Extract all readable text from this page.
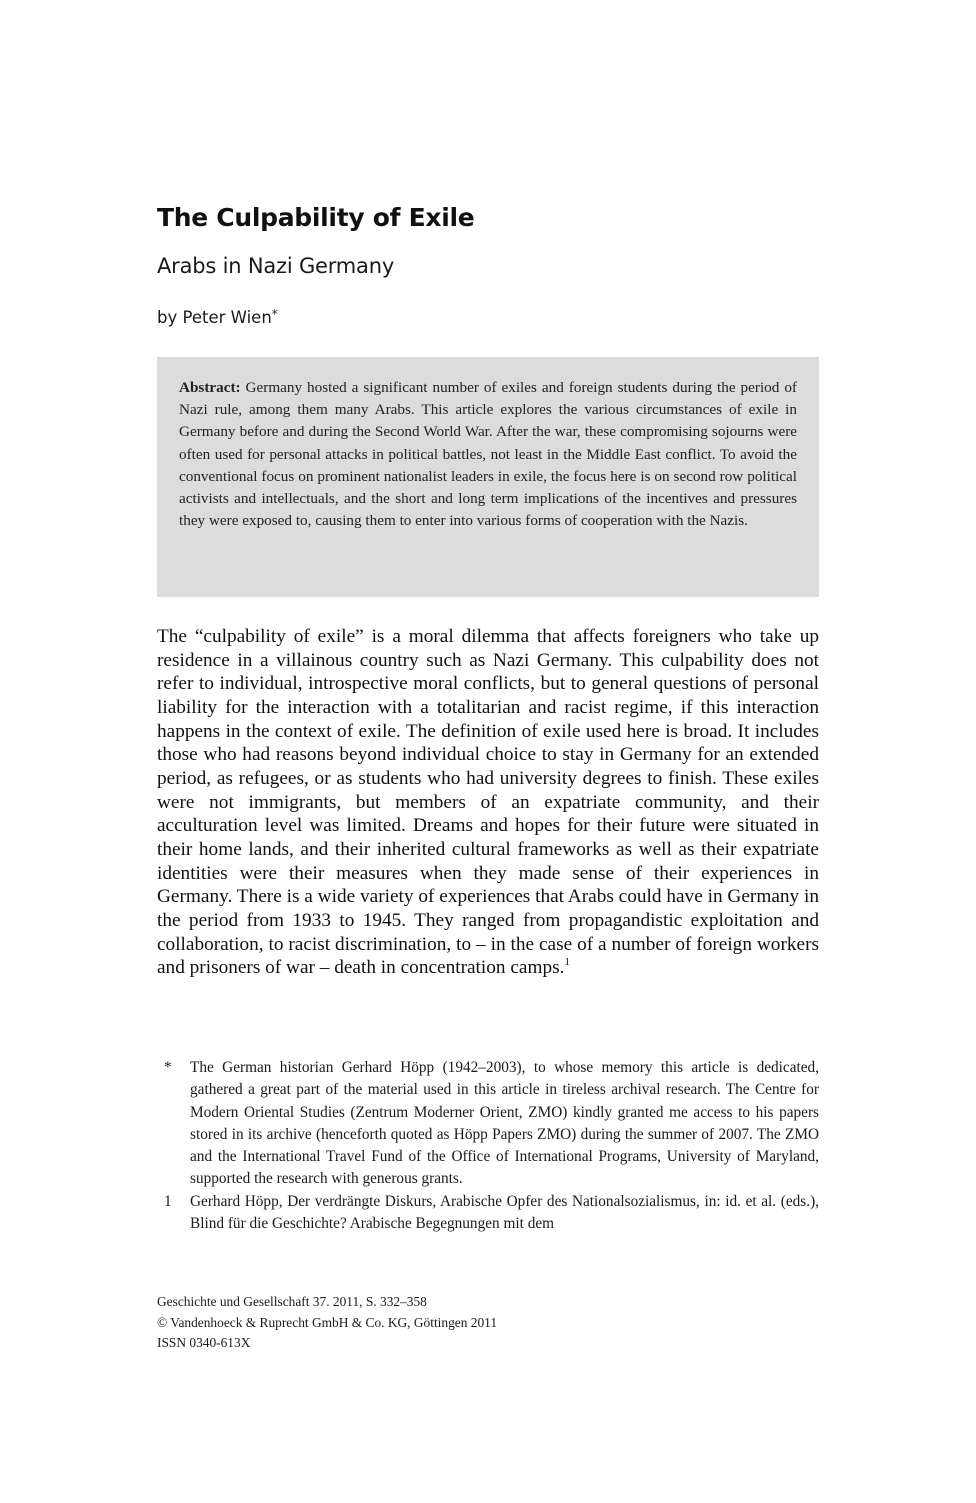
The Culpability of Exile
Arabs in Nazi Germany
by Peter Wien*

Abstract: Germany hosted a significant number of exiles and foreign students during the period of Nazi rule, among them many Arabs. This article explores the various circumstances of exile in Germany before and during the Second World War. After the war, these compromising sojourns were often used for personal attacks in political battles, not least in the Middle East conflict. To avoid the conventional focus on prominent nationalist leaders in exile, the focus here is on second row political activists and intellectuals, and the short and long term implications of the incentives and pressures they were exposed to, causing them to enter into various forms of cooperation with the Nazis.

The “culpability of exile” is a moral dilemma that affects foreigners who take up residence in a villainous country such as Nazi Germany. This culpability does not refer to individual, introspective moral conflicts, but to general questions of personal liability for the interaction with a totalitarian and racist regime, if this interaction happens in the context of exile. The definition of exile used here is broad. It includes those who had reasons beyond individual choice to stay in Germany for an extended period, as refugees, or as students who had university degrees to finish. These exiles were not immigrants, but members of an expatriate community, and their acculturation level was limited. Dreams and hopes for their future were situated in their home lands, and their inherited cultural frameworks as well as their expatriate identities were their measures when they made sense of their experiences in Germany. There is a wide variety of experiences that Arabs could have in Germany in the period from 1933 to 1945. They ranged from propagandistic exploitation and collaboration, to racist discrimination, to – in the case of a number of foreign workers and prisoners of war – death in concentration camps.$^1$

* The German historian Gerhard Höpp (1942–2003), to whose memory this article is dedicated, gathered a great part of the material used in this article in tireless archival research. The Centre for Modern Oriental Studies (Zentrum Moderner Orient, ZMO) kindly granted me access to his papers stored in its archive (henceforth quoted as Höpp Papers ZMO) during the summer of 2007. The ZMO and the International Travel Fund of the Office of International Programs, University of Maryland, supported the research with generous grants.
1 Gerhard Höpp, Der verdrängte Diskurs, Arabische Opfer des Nationalsozialismus, in: id. et al. (eds.), Blind für die Geschichte? Arabische Begegnungen mit dem
Geschichte und Gesellschaft 37. 2011, S. 332–358
© Vandenhoeck & Ruprecht GmbH & Co. KG, Göttingen 2011
ISSN 0340-613X
